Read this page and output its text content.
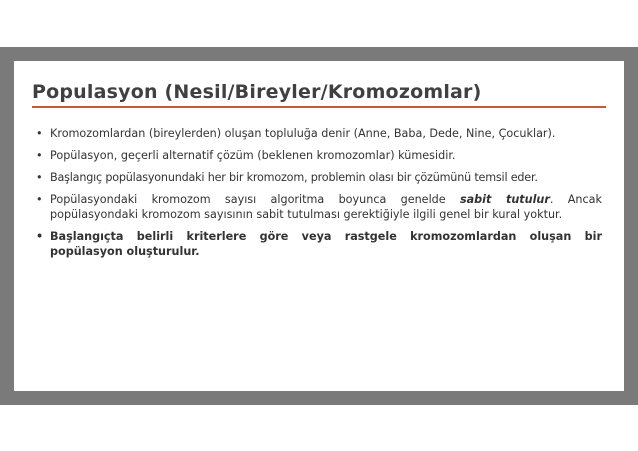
Populasyon (Nesil/Bireyler/Kromozomlar)
• Kromozomlardan (bireylerden) oluşan topluluğa denir (Anne, Baba, Dede, Nine, Çocuklar).
• Popülasyon, geçerli alternatif çözüm (beklenen kromozomlar) kümesidir.
• Başlangıç popülasyonundaki her bir kromozom, problemin olası bir çözümünü temsil eder.
• Popülasyondaki kromozom sayısı algoritma boyunca genelde sabit tutulur. Ancak popülasyondaki kromozom sayısının sabit tutulması gerektiğiyle ilgili genel bir kural yoktur.
• Başlangıçta belirli kriterlere göre veya rastgele kromozomlardan oluşan bir popülasyon oluşturulur.
